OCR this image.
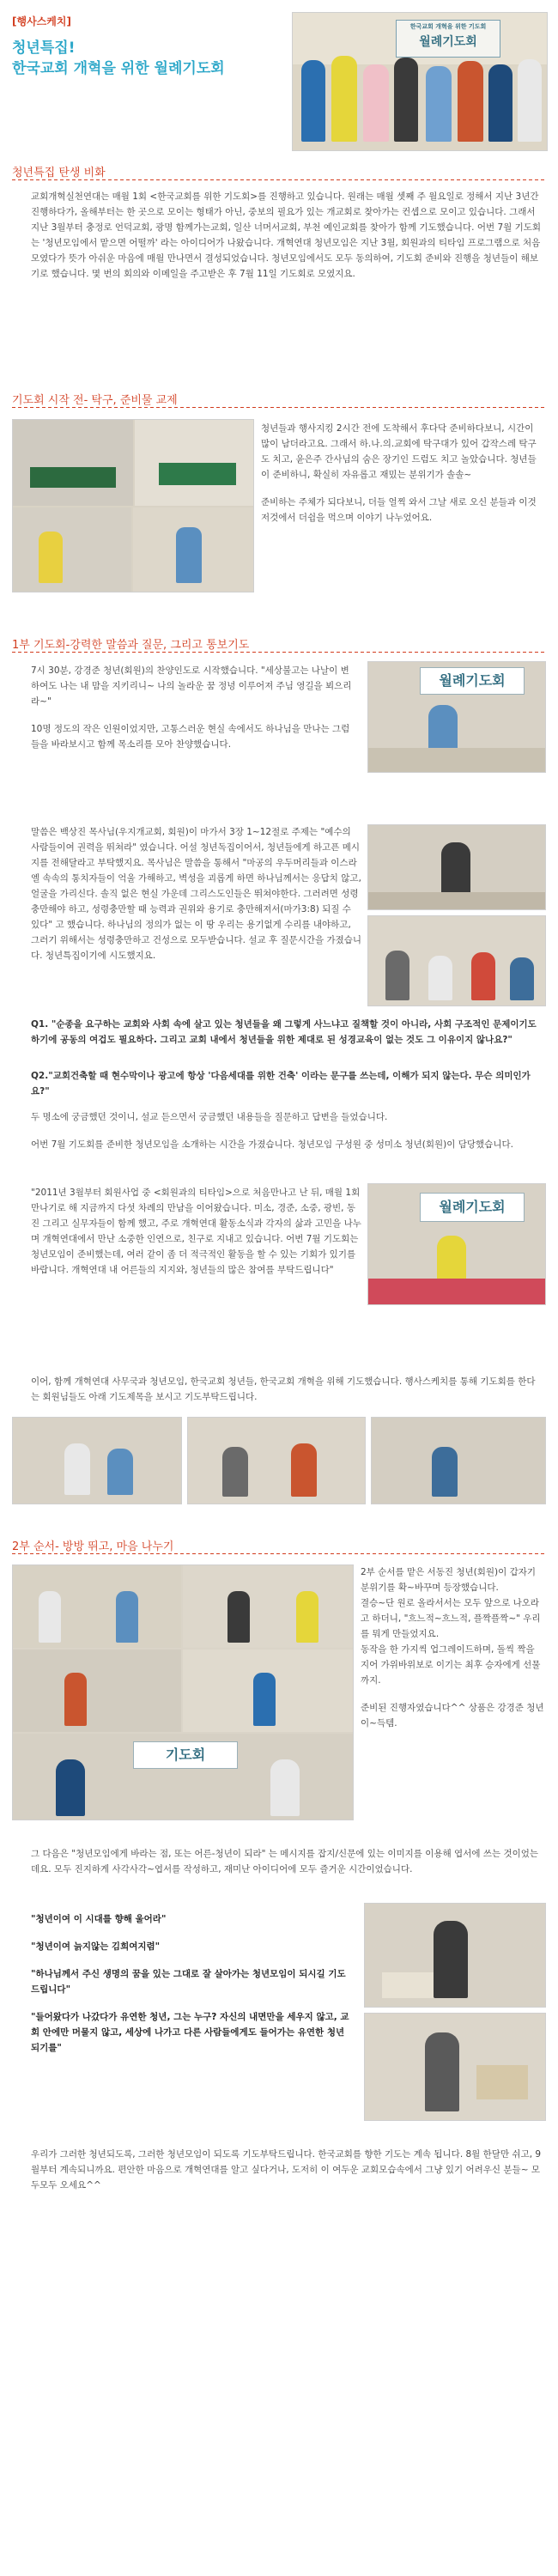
[행사스케치]
청년특집!
한국교회 개혁을 위한 월례기도회
한국교회 개혁을 위한 기도회
월례기도회
청년특집 탄생 비화

교회개혁실천연대는 매월 1회 <한국교회를 위한 기도회>를 진행하고 있습니다. 원래는 매월 셋째 주 월요일로 정해서 지난 3년간 진행하다가, 올해부터는 한 곳으로 모이는 형태가 아닌, 중보의 필요가 있는 개교회로 찾아가는 컨셉으로 모이고 있습니다. 그래서 지난 3월부터 충정로 언덕교회, 광명 함께가는교회, 일산 너머서교회, 부천 예인교회를 찾아가 함께 기도했습니다. 어번 7월 기도회는 '청년모임에서 맡으면 어떨까' 라는 아이디어가 나왔습니다. 개혁연대 청년모임은 지난 3월, 회원과의 티타임 프로그램으로 처음 모였다가 뜻가 아쉬운 마음에 매월 만나면서 결성되었습니다. 청년모임에서도 모두 동의하여, 기도회 준비와 진행을 청년들이 해보기로 했습니다. 몇 번의 회의와 이메일을 주고받은 후 7월 11일 기도회로 모였지요.

기도회 시작 전- 탁구, 준비물 교제

청년들과 행사지킹 2시간 전에 도착해서 후다닥 준비하다보니, 시간이 많이 남더라고요. 그래서 하.나.의.교회에 탁구대가 있어 갑작스레 탁구도 치고, 윤은주 간사님의 숨은 장기인 드럼도 치고 놀았습니다. 청년들이 준비하니, 확실히 자유롭고 재밌는 분위기가 솔솔~

준비하는 주체가 되다보니, 더들 얼찍 와서 그날 새로 오신 분들과 이것저것에서 더쉽을 먹으며 이야기 나누었어요.

1부 기도회-강력한 말씀과 질문, 그리고 통보기도

7시 30분, 강경준 청년(회원)의 찬양인도로 시작했습니다. "세상불고는 나날이 변하여도 나는 내 맘을 지키리니~ 나의 놀라운 꿈 정녕 이루어져 주님 영길을 뵈으리라~"

10명 정도의 작은 인원이었지만, 고통스러운 현실 속에서도 하나님을 만나는 그럼들을 바라보시고 함께 목소리를 모아 찬양했습니다.

월례기도회

말씀은 백상진 목사님(우지개교회, 회원)이 마가서 3장 1~12절로 주제는 "예수의 사람들이여 권력을 뛰쳐라" 였습니다. 어설 청년독집이어서, 청년들에게 하고픈 메시지를 전해달라고 부탁했지요. 목사님은 말씀을 통해서 "마공의 우두머리들과 이스라엘 속속의 통치자들이 억울 가해하고, 벽성을 괴롭게 하면 하나님께서는 응답치 않고, 얼굴을 가리신다. 솔직 없은 현실 가운데 그리스도인들은 뛰쳐야한다. 그러려면 성령충만해야 하고, 성령충만할 때 능력과 권위와 용기로 충만해져서(마가3:8) 되질 수 있다" 고 했습니다. 하나님의 정의가 없는 이 땅 우리는 용기없게 수리를 내야하고, 그러기 위해서는 성령충만하고 건성으로 모두받습니다. 설교 후 질문시간을 가졌습니다. 청년특집이기에 시도했지요.

Q1. "순종을 요구하는 교회와 사회 속에 살고 있는 청년들을 왜 그렇게 사느냐고 질책할 것이 아니라, 사회 구조적인 문제이기도 하기에 공동의 여겁도 필요하다. 그리고 교회 내에서 청년들을 위한 제대로 된 성경교육이 없는 것도 그 이유이지 않나요?"
Q2."교회건축할 때 현수막이나 광고에 항상 '다음세대를 위한 건축' 이라는 문구를 쓰는데, 이해가 되지 않는다. 무슨 의미인가요?"

두 명소에 궁금했던 것이니, 설교 듣으면서 궁금했던 내용들을 질문하고 답변을 들었습니다.

어번 7월 기도회를 준비한 청년모임을 소개하는 시간을 가졌습니다. 청년모임 구성원 중 성미소 청년(회원)이 담당했습니다.

"2011년 3월부터 회원사업 중 <회원과의 티타임>으로 처음만나고 난 뒤, 매월 1회 만나기로 해 지금까지 다섯 차례의 만남을 이어왔습니다. 미소, 경준, 소중, 광빈, 동진 그리고 실무자들이 함께 했고, 주로 개혁연대 활동소식과 각자의 삶과 고민을 나누며 개혁연대에서 만난 소중한 인연으로, 친구로 지내고 있습니다. 어번 7월 기도회는 청년모임이 준비했는데, 여러 같이 좀 더 적극적인 활동을 할 수 있는 기회가 있기를 바랍니다. 개혁연대 내 어른들의 지지와, 청년들의 많은 참여를 부탁드립니다"

월례기도회

이어, 함께 개혁연대 사무국과 청년모임, 한국교회 청년들, 한국교회 개혁을 위해 기도했습니다. 행사스케치를 통해 기도회를 한다는 회원님들도 아래 기도제목을 보시고 기도부탁드립니다.

2부 순서- 방방 뛰고, 마음 나누기
기도회

2부 순서를 맡은 서동진 청년(회원)이 갑자기 분위기를 확~바꾸며 등장했습니다.

결승~단 원로 올라서서는 모두 앞으로 나오라고 하더니, "흐느적~흐느적, 플짝플짝~" 우리를 뭐게 만들었지요.

동작을 한 가지씩 업그레이드하며, 돌씩 짝을 지어 가위바위보로 이기는 최후 승자에게 선물까지.

준비된 진행자였습니다^^ 상품은 강경준 청년이~득템.

그 다음은 "청년모임에게 바라는 점, 또는 어른-청년이 되라" 는 메시지를 잡지/신문에 있는 이미지를 이용해 엽서에 쓰는 것이었는데요. 모두 진지하게 사각사각~엽서를 작성하고, 재미난 아이디어에 모두 즐거운 시간이었습니다.

"청년이여 이 시대를 향해 울어라"

"청년이여 늙지않는 김희여지렴"

"하나님께서 주신 생명의 꿈을 있는 그대로 잘 살아가는 청년모임이 되시길 기도드립니다"

"들어왔다가 나갔다가 유연한 청년, 그는 누구? 자신의 내면만을 세우지 않고, 교회 안에만 머물지 않고, 세상에 나가고 다른 사람들에게도 들어가는 유연한 청년되기를"

우리가 그러한 청년되도록, 그러한 청년모임이 되도록 기도부탁드립니다. 한국교회를 향한 기도는 계속 됩니다. 8월 한달만 쉬고, 9월부터 계속되니까요. 편안한 마음으로 개혁연대를 알고 싶다거나, 도저히 이 여두운 교회모습속에서 그냥 있기 어려우신 분들~ 모두모두 오세요^^
